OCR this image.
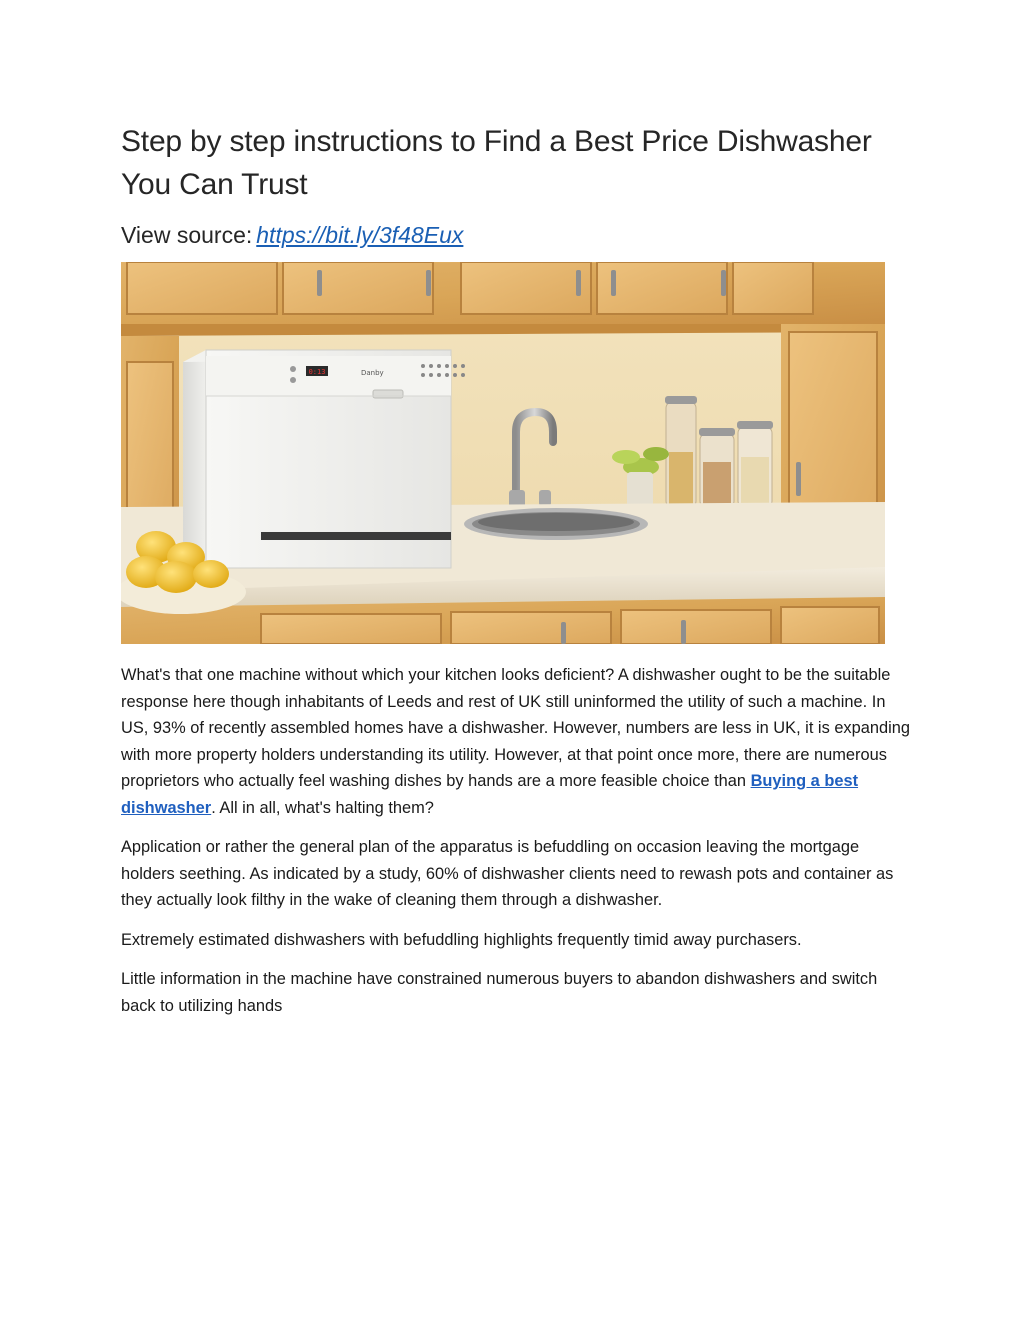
Step by step instructions to Find a Best Price Dishwasher You Can Trust
View source: https://bit.ly/3f48Eux
0:13	Danby

What's that one machine without which your kitchen looks deficient? A dishwasher ought to be the suitable response here though inhabitants of Leeds and rest of UK still uninformed the utility of such a machine. In US, 93% of recently assembled homes have a dishwasher. However, numbers are less in UK, it is expanding with more property holders understanding its utility. However, at that point once more, there are numerous proprietors who actually feel washing dishes by hands are a more feasible choice than Buying a best dishwasher. All in all, what's halting them?

Application or rather the general plan of the apparatus is befuddling on occasion leaving the mortgage holders seething. As indicated by a study, 60% of dishwasher clients need to rewash pots and container as they actually look filthy in the wake of cleaning them through a dishwasher.

Extremely estimated dishwashers with befuddling highlights frequently timid away purchasers.

Little information in the machine have constrained numerous buyers to abandon dishwashers and switch back to utilizing hands
